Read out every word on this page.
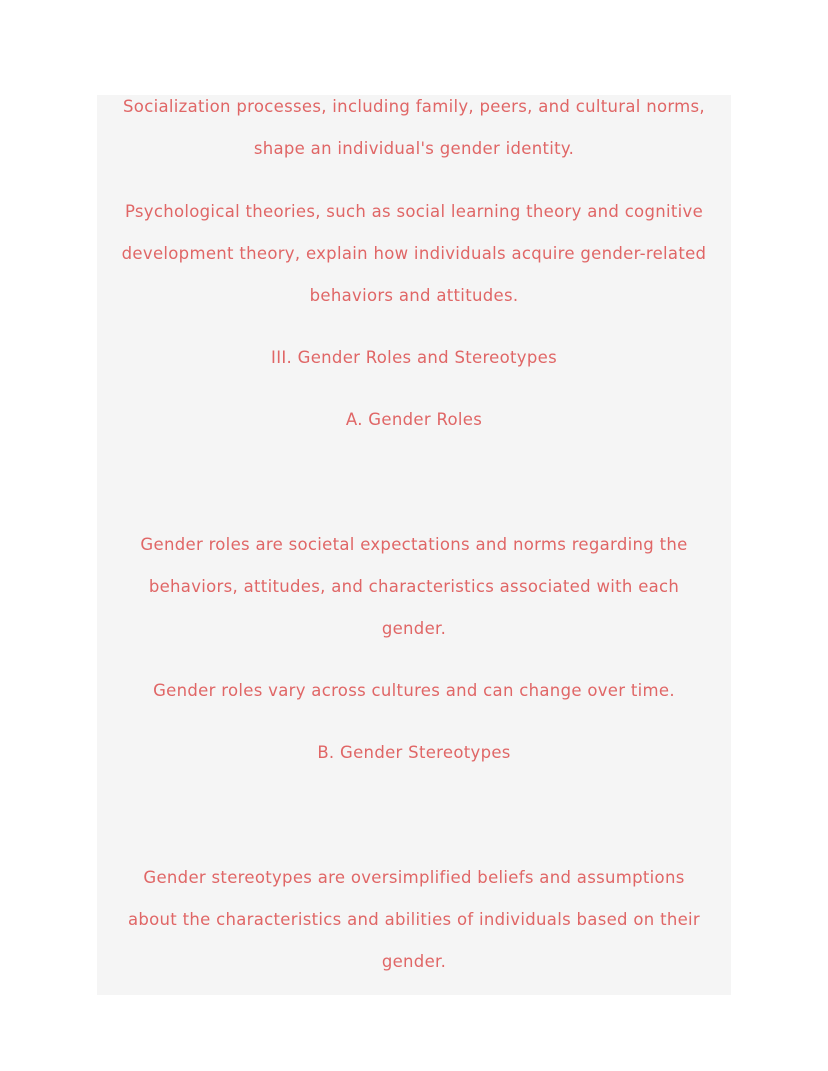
Socialization processes, including family, peers, and cultural norms,
shape an individual's gender identity.
Psychological theories, such as social learning theory and cognitive
development theory, explain how individuals acquire gender-related
behaviors and attitudes.
III. Gender Roles and Stereotypes
A. Gender Roles
Gender roles are societal expectations and norms regarding the
behaviors, attitudes, and characteristics associated with each
gender.
Gender roles vary across cultures and can change over time.
B. Gender Stereotypes
Gender stereotypes are oversimplified beliefs and assumptions
about the characteristics and abilities of individuals based on their
gender.
